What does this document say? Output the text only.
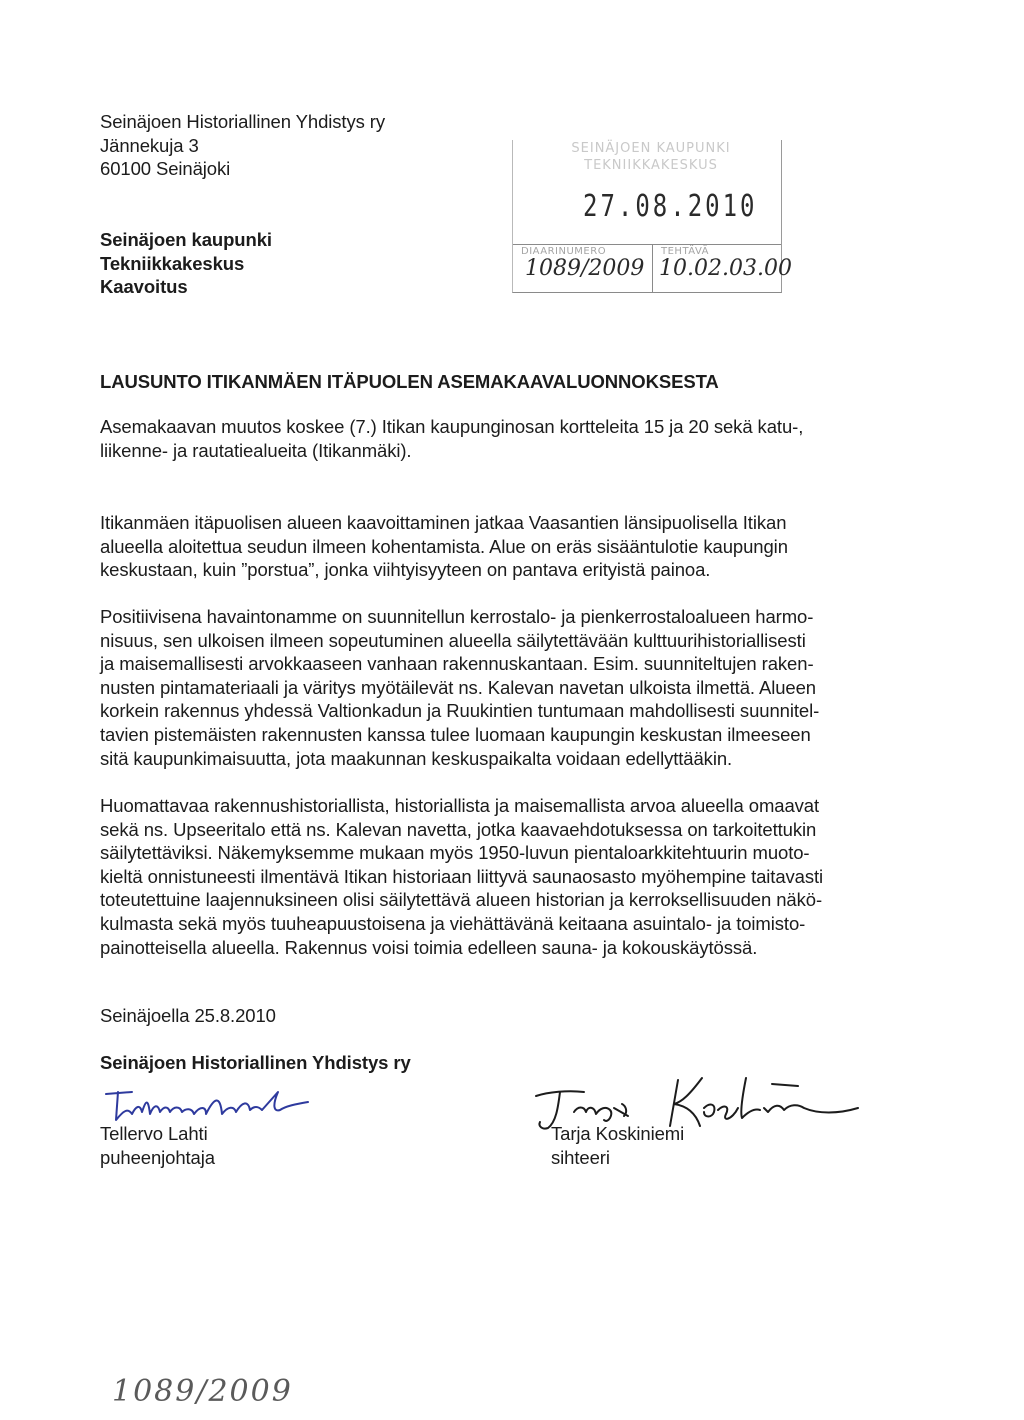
Seinäjoen Historiallinen Yhdistys ry
Jännekuja 3
60100 Seinäjoki
Seinäjoen kaupunki
Tekniikkakeskus
Kaavoitus
SEINÄJOEN KAUPUNKI
TEKNIIKKAKESKUS
27.08.2010
DIAARINUMERO	TEHTÄVÄ
1089/2009 10.02.03.00
LAUSUNTO ITIKANMÄEN ITÄPUOLEN ASEMAKAAVALUONNOKSESTA
Asemakaavan muutos koskee (7.) Itikan kaupunginosan kortteleita 15 ja 20 sekä katu-,
liikenne- ja rautatiealueita (Itikanmäki).
Itikanmäen itäpuolisen alueen kaavoittaminen jatkaa Vaasantien länsipuolisella Itikan
alueella aloitettua seudun ilmeen kohentamista. Alue on eräs sisääntulotie kaupungin
keskustaan, kuin ”porstua”, jonka viihtyisyyteen on pantava erityistä painoa.
Positiivisena havaintonamme on suunnitellun kerrostalo- ja pienkerrostaloalueen harmo-
nisuus, sen ulkoisen ilmeen sopeutuminen alueella säilytettävään kulttuurihistoriallisesti
ja maisemallisesti arvokkaaseen vanhaan rakennuskantaan. Esim. suunniteltujen raken-
nusten pintamateriaali ja väritys myötäilevät ns. Kalevan navetan ulkoista ilmettä. Alueen
korkein rakennus yhdessä Valtionkadun ja Ruukintien tuntumaan mahdollisesti suunnitel-
tavien pistemäisten rakennusten kanssa tulee luomaan kaupungin keskustan ilmeeseen
sitä kaupunkimaisuutta, jota maakunnan keskuspaikalta voidaan edellyttääkin.
Huomattavaa rakennushistoriallista, historiallista ja maisemallista arvoa alueella omaavat
sekä ns. Upseeritalo että ns. Kalevan navetta, jotka kaavaehdotuksessa on tarkoitettukin
säilytettäviksi. Näkemyksemme mukaan myös 1950-luvun pientaloarkkitehtuurin muoto-
kieltä onnistuneesti ilmentävä Itikan historiaan liittyvä saunaosasto myöhempine taitavasti
toteutettuine laajennuksineen olisi säilytettävä alueen historian ja kerroksellisuuden näkö-
kulmasta sekä myös tuuheapuustoisena ja viehättävänä keitaana asuintalo- ja toimisto-
painotteisella alueella. Rakennus voisi toimia edelleen sauna- ja kokouskäytössä.
Seinäjoella 25.8.2010
Seinäjoen Historiallinen Yhdistys ry
Tellervo Lahti
puheenjohtaja
Tarja Koskiniemi
sihteeri
1089/2009
